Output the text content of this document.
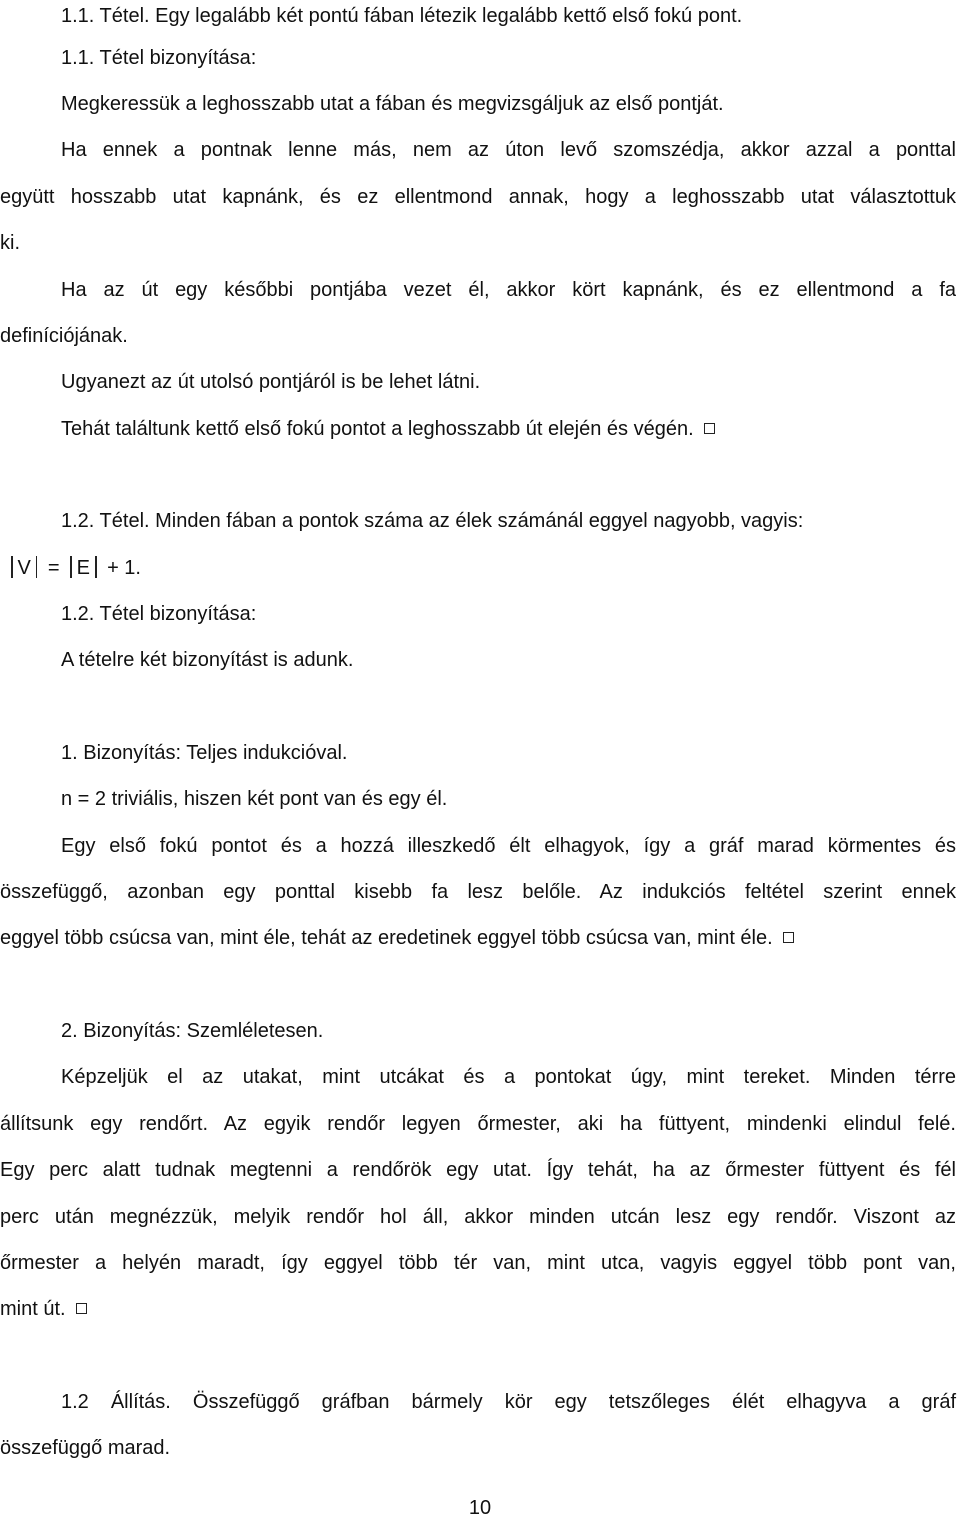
1.1. Tétel. Egy legalább két pontú fában létezik legalább kettő első fokú pont.
1.1. Tétel bizonyítása:
Megkeressük a leghosszabb utat a fában és megvizsgáljuk az első pontját.
Ha ennek a pontnak lenne más, nem az úton levő szomszédja, akkor azzal a ponttal
együtt hosszabb utat kapnánk, és ez ellentmond annak, hogy a leghosszabb utat választottuk
ki.
Ha az út egy későbbi pontjába vezet él, akkor kört kapnánk, és ez ellentmond a fa
definíciójának.
Ugyanezt az út utolsó pontjáról is be lehet látni.
Tehát találtunk kettő első fokú pontot a leghosszabb út elején és végén.
1.2. Tétel. Minden fában a pontok száma az élek számánál eggyel nagyobb, vagyis:
V = E + 1.
1.2. Tétel bizonyítása:
A tételre két bizonyítást is adunk.
1. Bizonyítás: Teljes indukcióval.
n = 2 triviális, hiszen két pont van és egy él.
Egy első fokú pontot és a hozzá illeszkedő élt elhagyok, így a gráf marad körmentes és
összefüggő, azonban egy ponttal kisebb fa lesz belőle. Az indukciós feltétel szerint ennek
eggyel több csúcsa van, mint éle, tehát az eredetinek eggyel több csúcsa van, mint éle.
2. Bizonyítás: Szemléletesen.
Képzeljük el az utakat, mint utcákat és a pontokat úgy, mint tereket. Minden térre
állítsunk egy rendőrt. Az egyik rendőr legyen őrmester, aki ha füttyent, mindenki elindul felé.
Egy perc alatt tudnak megtenni a rendőrök egy utat. Így tehát, ha az őrmester füttyent és fél
perc után megnézzük, melyik rendőr hol áll, akkor minden utcán lesz egy rendőr. Viszont az
őrmester a helyén maradt, így eggyel több tér van, mint utca, vagyis eggyel több pont van,
mint út.
1.2 Állítás. Összefüggő gráfban bármely kör egy tetszőleges élét elhagyva a gráf
összefüggő marad.
10
